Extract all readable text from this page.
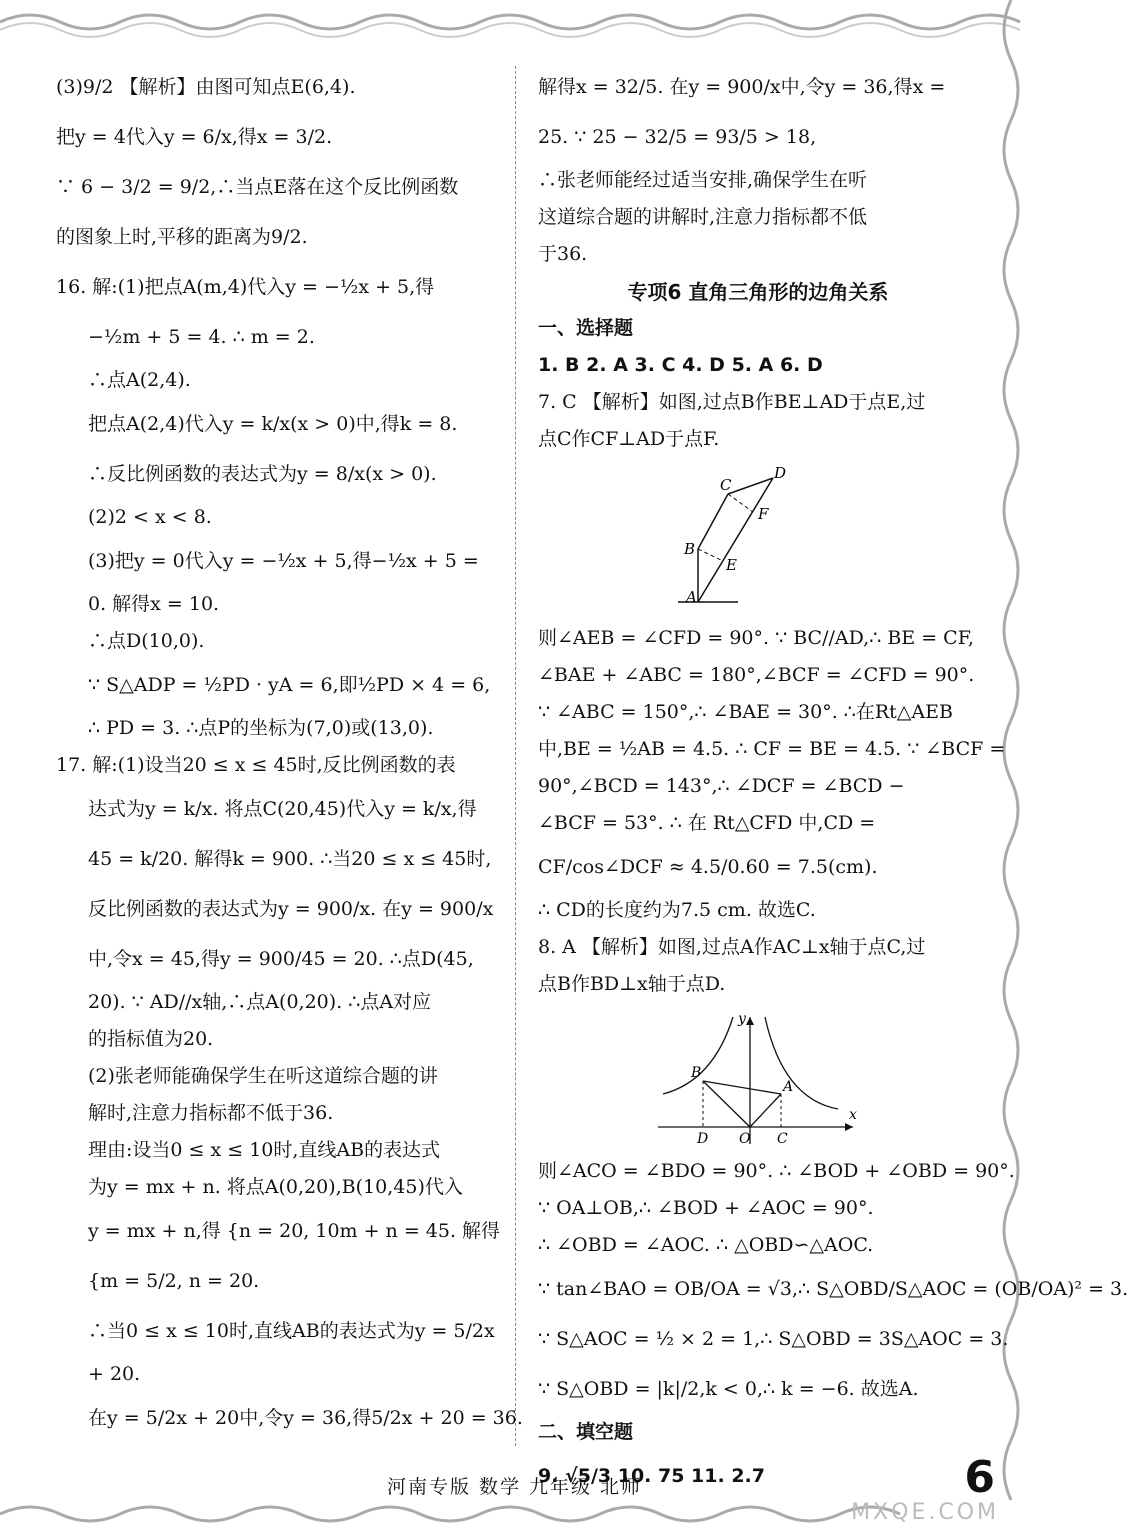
(3)9/2 【解析】由图可知点E(6,4).
把y = 4代入y = 6/x,得x = 3/2.
∵ 6 − 3/2 = 9/2,∴当点E落在这个反比例函数
的图象上时,平移的距离为9/2.
16. 解:(1)把点A(m,4)代入y = −½x + 5,得
−½m + 5 = 4. ∴ m = 2.
∴点A(2,4).
把点A(2,4)代入y = k/x(x > 0)中,得k = 8.
∴反比例函数的表达式为y = 8/x(x > 0).
(2)2 < x < 8.
(3)把y = 0代入y = −½x + 5,得−½x + 5 =
0. 解得x = 10.
∴点D(10,0).
∵ S△ADP = ½PD · yA = 6,即½PD × 4 = 6,
∴ PD = 3. ∴点P的坐标为(7,0)或(13,0).
17. 解:(1)设当20 ≤ x ≤ 45时,反比例函数的表
达式为y = k/x. 将点C(20,45)代入y = k/x,得
45 = k/20. 解得k = 900. ∴当20 ≤ x ≤ 45时,
反比例函数的表达式为y = 900/x. 在y = 900/x
中,令x = 45,得y = 900/45 = 20. ∴点D(45,
20). ∵ AD//x轴,∴点A(0,20). ∴点A对应
的指标值为20.
(2)张老师能确保学生在听这道综合题的讲
解时,注意力指标都不低于36.
理由:设当0 ≤ x ≤ 10时,直线AB的表达式
为y = mx + n. 将点A(0,20),B(10,45)代入
y = mx + n,得 {n = 20, 10m + n = 45. 解得
{m = 5/2, n = 20.
∴当0 ≤ x ≤ 10时,直线AB的表达式为y = 5/2x
+ 20.
在y = 5/2x + 20中,令y = 36,得5/2x + 20 = 36.
解得x = 32/5. 在y = 900/x中,令y = 36,得x =
25. ∵ 25 − 32/5 = 93/5 > 18,
∴张老师能经过适当安排,确保学生在听
这道综合题的讲解时,注意力指标都不低
于36.
专项6 直角三角形的边角关系
一、选择题
1. B 2. A 3. C 4. D 5. A 6. D
7. C 【解析】如图,过点B作BE⊥AD于点E,过
点C作CF⊥AD于点F.
C
D
F
B
E
A
则∠AEB = ∠CFD = 90°. ∵ BC//AD,∴ BE = CF,
∠BAE + ∠ABC = 180°,∠BCF = ∠CFD = 90°.
∵ ∠ABC = 150°,∴ ∠BAE = 30°. ∴在Rt△AEB
中,BE = ½AB = 4.5. ∴ CF = BE = 4.5. ∵ ∠BCF =
90°,∠BCD = 143°,∴ ∠DCF = ∠BCD −
∠BCF = 53°. ∴ 在 Rt△CFD 中,CD =
CF/cos∠DCF ≈ 4.5/0.60 = 7.5(cm).
∴ CD的长度约为7.5 cm. 故选C.
8. A 【解析】如图,过点A作AC⊥x轴于点C,过
点B作BD⊥x轴于点D.
y
x
B
A
D O C
则∠ACO = ∠BDO = 90°. ∴ ∠BOD + ∠OBD = 90°.
∵ OA⊥OB,∴ ∠BOD + ∠AOC = 90°.
∴ ∠OBD = ∠AOC. ∴ △OBD∽△AOC.
∵ tan∠BAO = OB/OA = √3,∴ S△OBD/S△AOC = (OB/OA)² = 3.
∵ S△AOC = ½ × 2 = 1,∴ S△OBD = 3S△AOC = 3.
∵ S△OBD = |k|/2,k < 0,∴ k = −6. 故选A.
二、填空题
9. √5/3 10. 75 11. 2.7
河南专版 数学 九年级 北师	6
MXQE.COM
